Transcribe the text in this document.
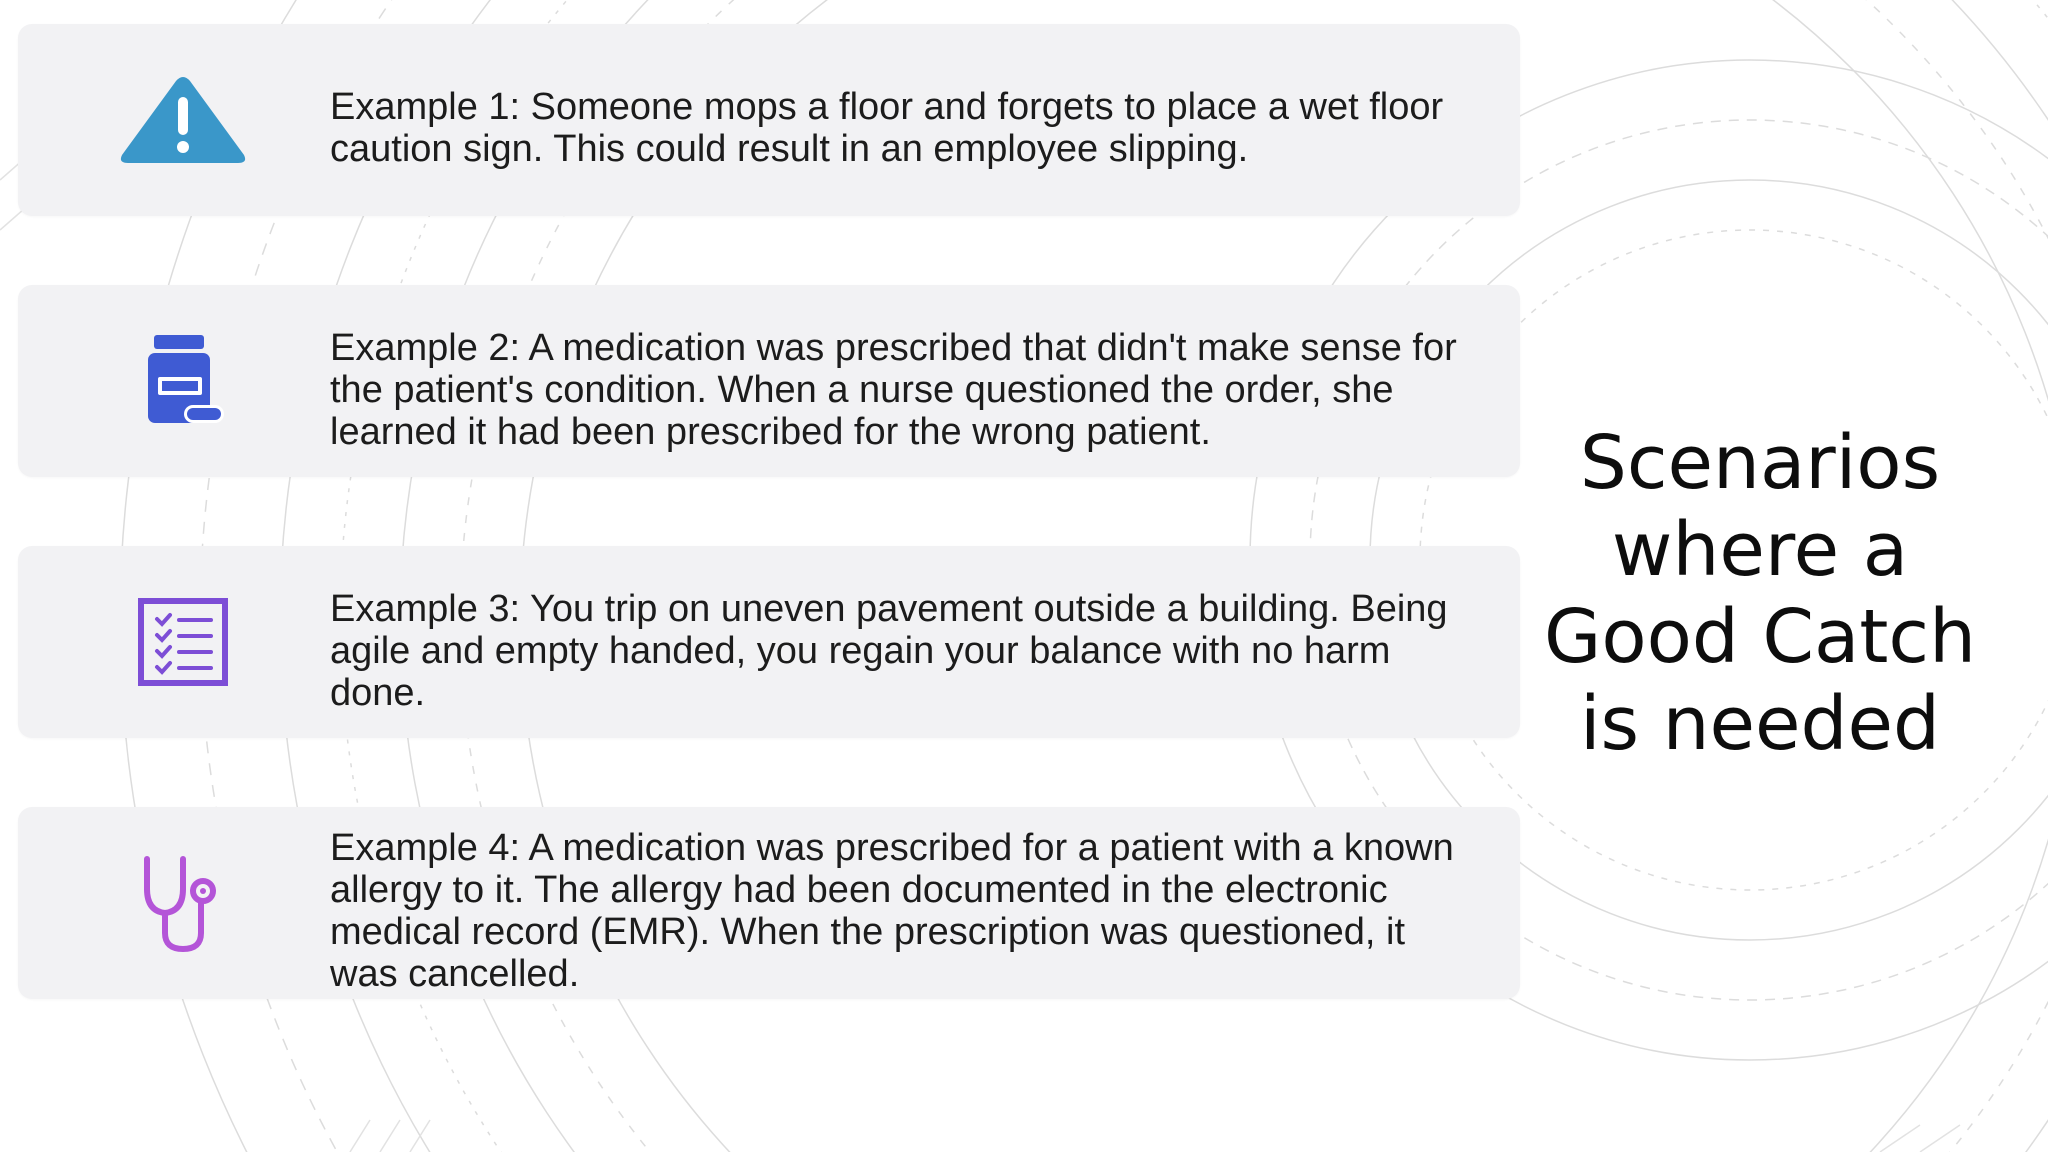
Example 1: Someone mops a floor and forgets to place a wet floor caution sign. This could result in an employee slipping.
Example 2: A medication was prescribed that didn't make sense for the patient's condition. When a nurse questioned the order, she learned it had been prescribed for the wrong patient.
Example 3: You trip on uneven pavement outside a building. Being agile and empty handed, you regain your balance with no harm done.
Example 4: A medication was prescribed for a patient with a known allergy to it. The allergy had been documented in the electronic medical record (EMR). When the prescription was questioned, it was cancelled.
Scenarios where a Good Catch is needed
